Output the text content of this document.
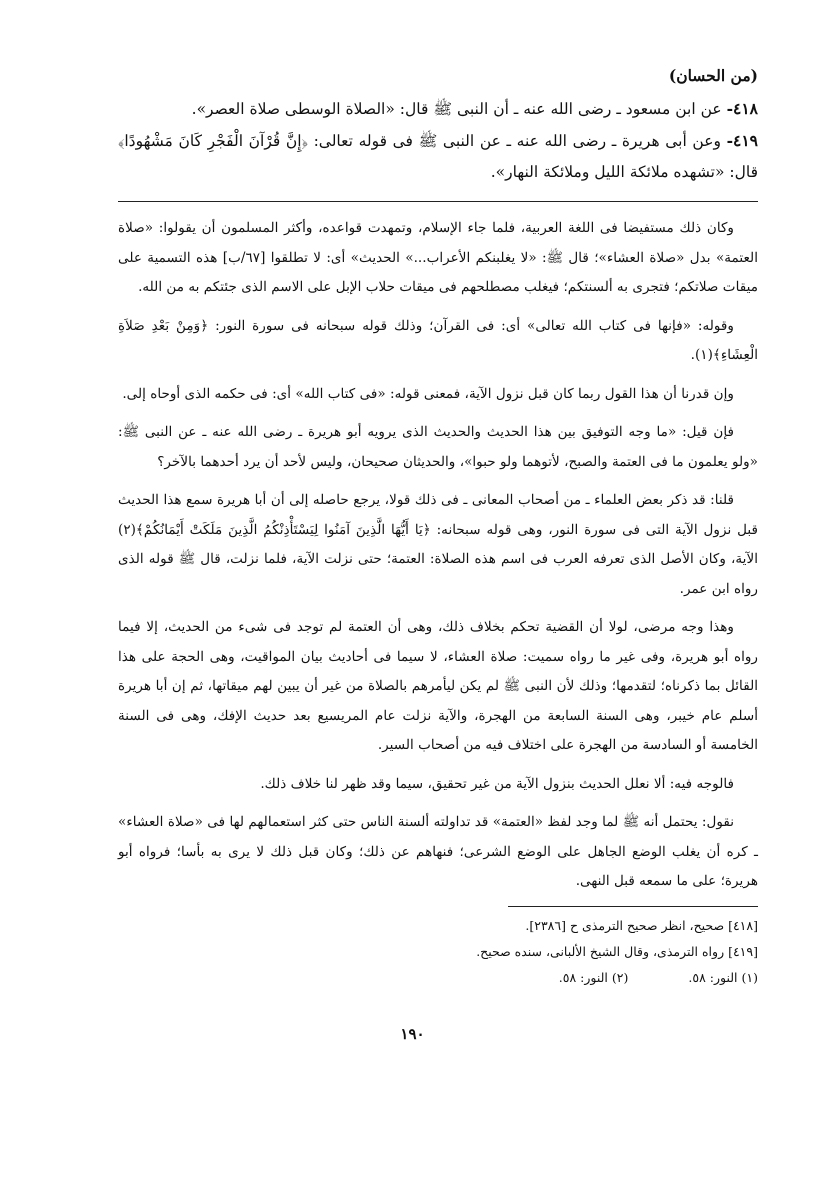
(من الحسان)

٤١٨- عن ابن مسعود ـ رضى الله عنه ـ أن النبى ﷺ قال: «الصلاة الوسطى صلاة العصر».

٤١٩- وعن أبى هريرة ـ رضى الله عنه ـ عن النبى ﷺ فى قوله تعالى: ﴿إِنَّ قُرْآنَ الْفَجْرِ كَانَ مَشْهُودًا﴾ قال: «تشهده ملائكة الليل وملائكة النهار».

وكان ذلك مستفيضا فى اللغة العربية، فلما جاء الإسلام، وتمهدت قواعده، وأكثر المسلمون أن يقولوا: «صلاة العتمة» بدل «صلاة العشاء»؛ قال ﷺ: «لا يغلبنكم الأعراب...» الحديث» أى: لا تطلقوا [٦٧/ب] هذه التسمية على ميقات صلاتكم؛ فتجرى به ألسنتكم؛ فيغلب مصطلحهم فى ميقات حلاب الإبل على الاسم الذى جئتكم به من الله.

وقوله: «فإنها فى كتاب الله تعالى» أى: فى القرآن؛ وذلك قوله سبحانه فى سورة النور: ﴿وَمِنْ بَعْدِ صَلاَةِ الْعِشَاءِ﴾(١).

وإن قدرنا أن هذا القول ربما كان قبل نزول الآية، فمعنى قوله: «فى كتاب الله» أى: فى حكمه الذى أوحاه إلى.

فإن قيل: «ما وجه التوفيق بين هذا الحديث والحديث الذى يرويه أبو هريرة ـ رضى الله عنه ـ عن النبى ﷺ: «ولو يعلمون ما فى العتمة والصبح، لأتوهما ولو حبوا»، والحديثان صحيحان، وليس لأحد أن يرد أحدهما بالآخر؟

قلنا: قد ذكر بعض العلماء ـ من أصحاب المعانى ـ فى ذلك قولا، يرجع حاصله إلى أن أبا هريرة سمع هذا الحديث قبل نزول الآية التى فى سورة النور، وهى قوله سبحانه: ﴿يَا أَيُّهَا الَّذِينَ آمَنُوا لِيَسْتَأْذِنْكُمُ الَّذِينَ مَلَكَتْ أَيْمَانُكُمْ﴾(٢) الآية، وكان الأصل الذى تعرفه العرب فى اسم هذه الصلاة: العتمة؛ حتى نزلت الآية، فلما نزلت، قال ﷺ قوله الذى رواه ابن عمر.

وهذا وجه مرضى، لولا أن القضية تحكم بخلاف ذلك، وهى أن العتمة لم توجد فى شىء من الحديث، إلا فيما رواه أبو هريرة، وفى غير ما رواه سميت: صلاة العشاء، لا سيما فى أحاديث بيان المواقيت، وهى الحجة على هذا القائل بما ذكرناه؛ لتقدمها؛ وذلك لأن النبى ﷺ لم يكن ليأمرهم بالصلاة من غير أن يبين لهم ميقاتها، ثم إن أبا هريرة أسلم عام خيبر، وهى السنة السابعة من الهجرة، والآية نزلت عام المريسيع بعد حديث الإفك، وهى فى السنة الخامسة أو السادسة من الهجرة على اختلاف فيه من أصحاب السير.

فالوجه فيه: ألا نعلل الحديث بنزول الآية من غير تحقيق، سيما وقد ظهر لنا خلاف ذلك.

نقول: يحتمل أنه ﷺ لما وجد لفظ «العتمة» قد تداولته ألسنة الناس حتى كثر استعمالهم لها فى «صلاة العشاء» ـ كره أن يغلب الوضع الجاهل على الوضع الشرعى؛ فنهاهم عن ذلك؛ وكان قبل ذلك لا يرى به بأسا؛ فرواه أبو هريرة؛ على ما سمعه قبل النهى.

[٤١٨] صحيح، انظر صحيح الترمذى ح [٢٣٨٦].

[٤١٩] رواه الترمذى، وقال الشيخ الألبانى، سنده صحيح.

(١) النور: ٥٨.
(٢) النور: ٥٨.
١٩٠
